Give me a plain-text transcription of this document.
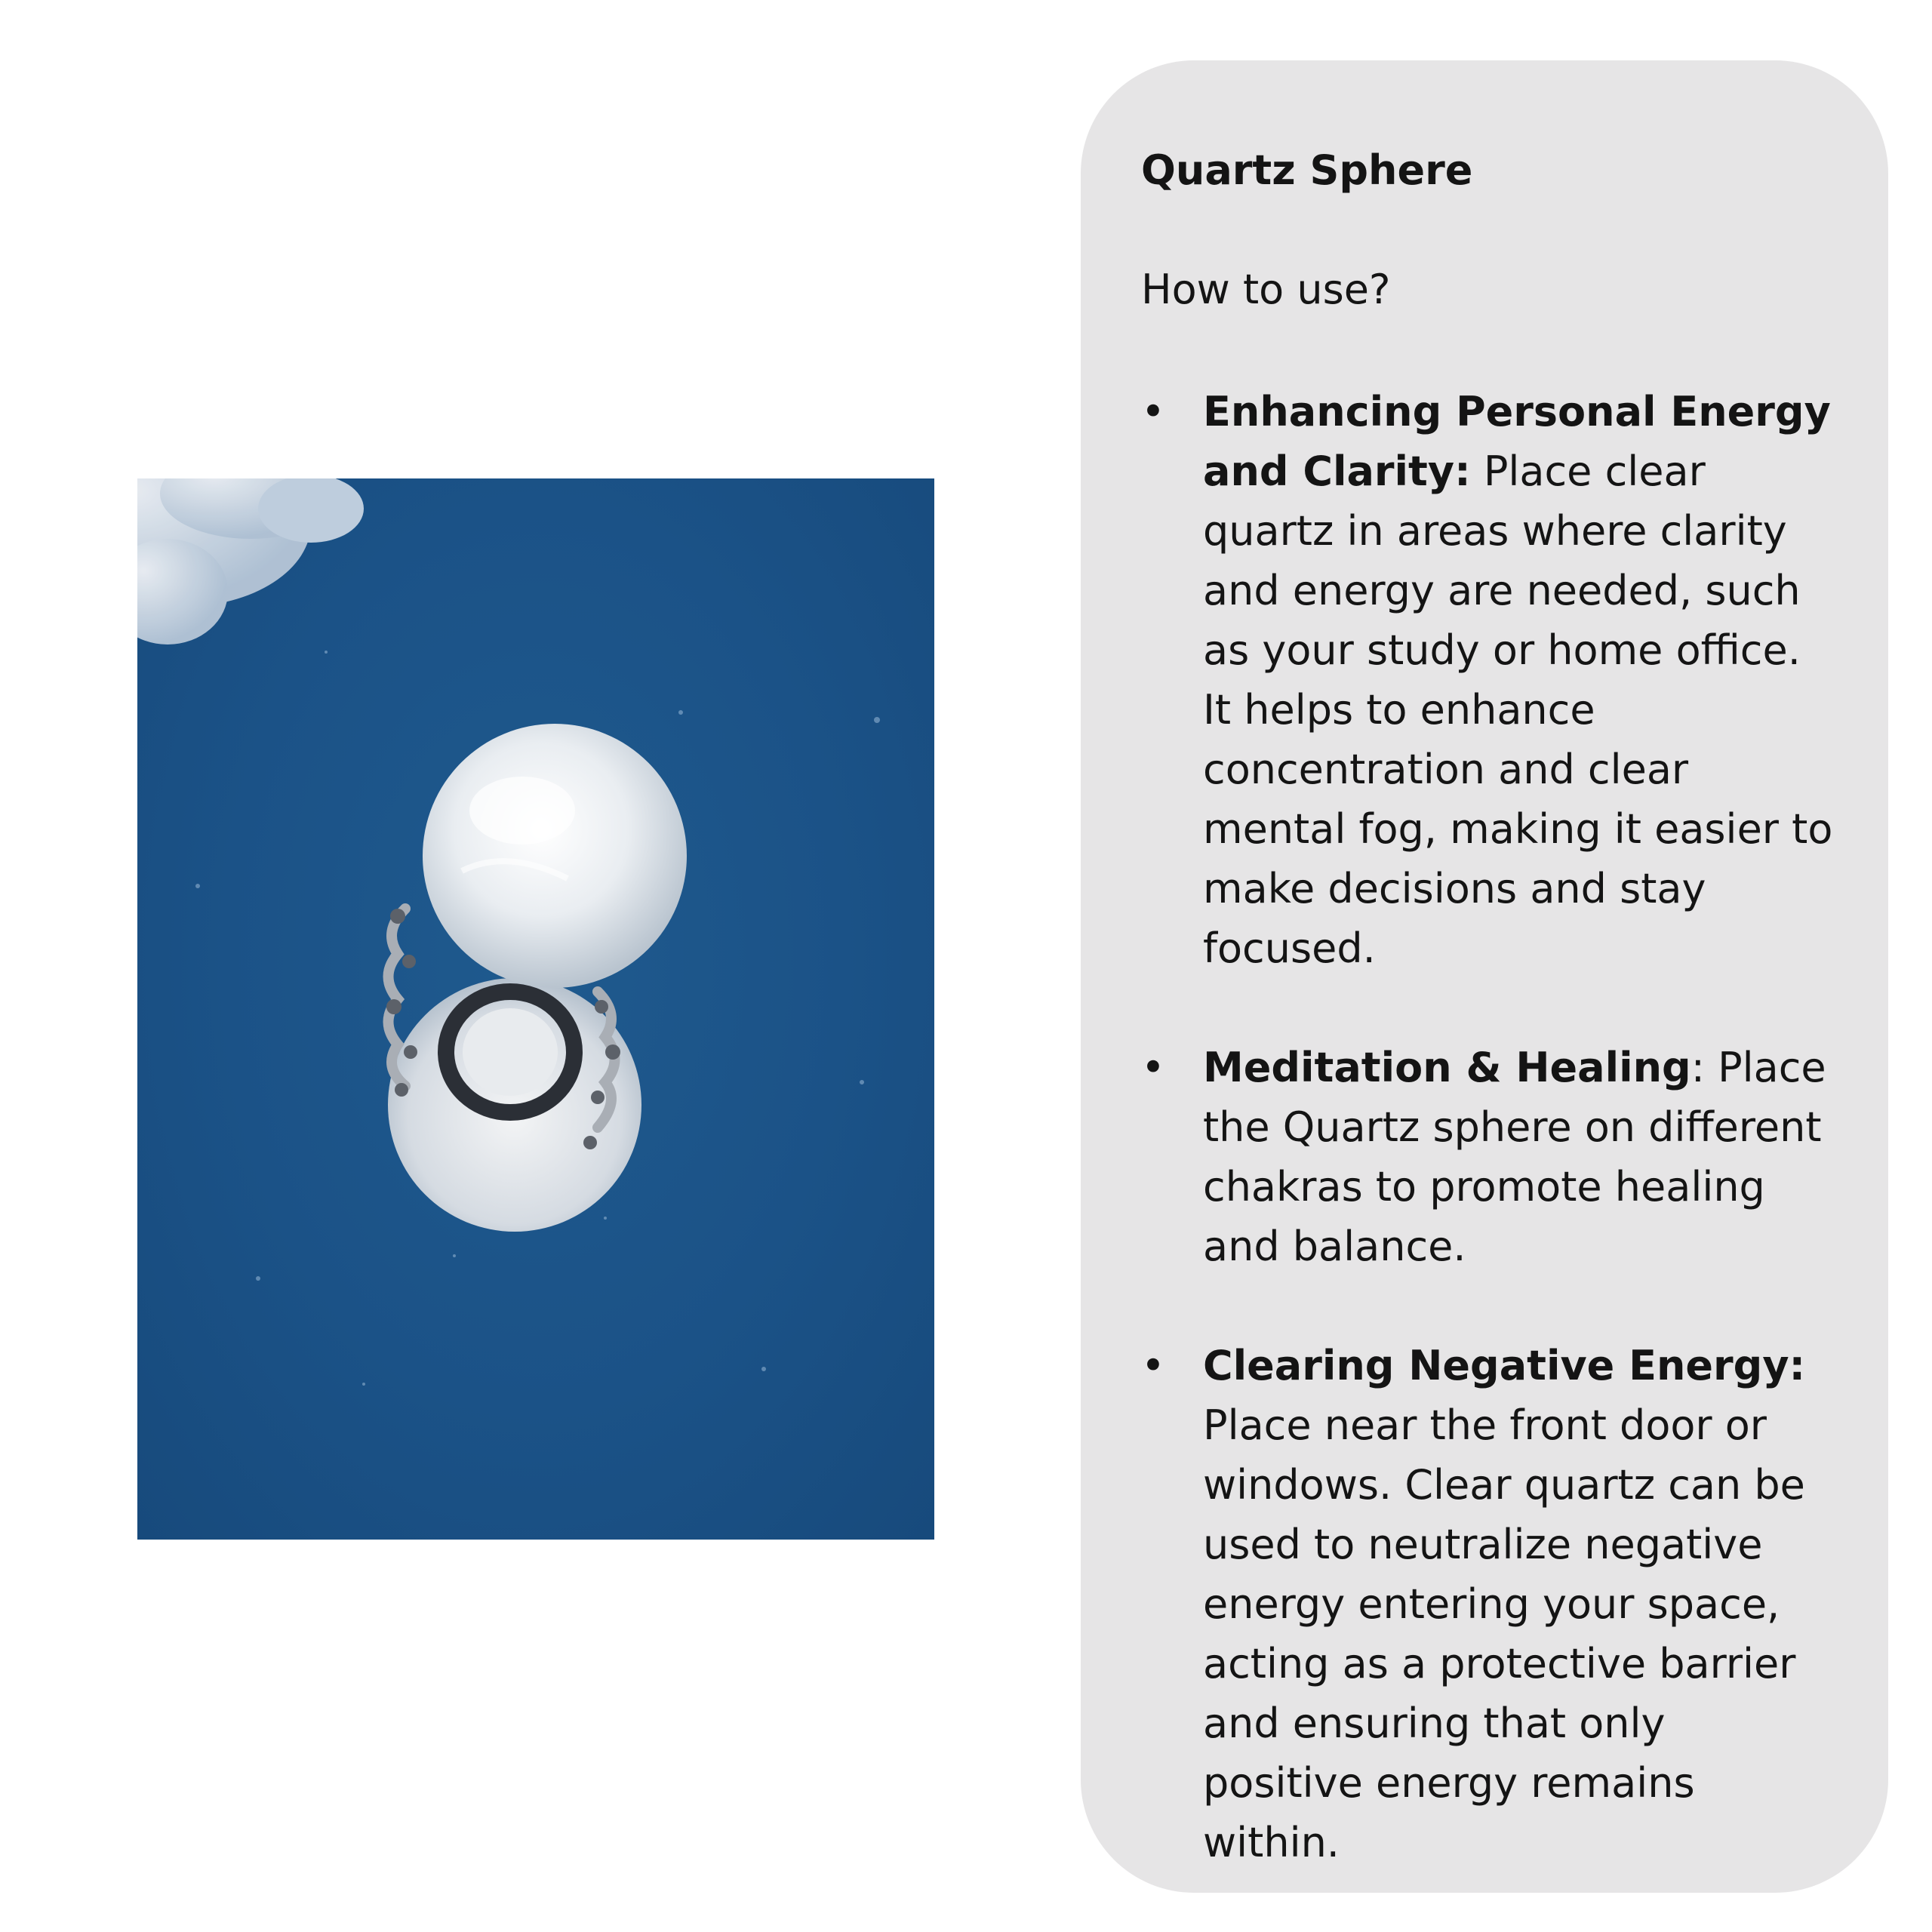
Quartz Sphere
How to use?
• Enhancing Personal Energy and Clarity: Place clear quartz in areas where clarity and energy are needed, such as your study or home office. It helps to enhance concentration and clear mental fog, making it easier to make decisions and stay focused.
• Meditation & Healing: Place the Quartz sphere on different chakras to promote healing and balance.
• Clearing Negative Energy: Place near the front door or windows. Clear quartz can be used to neutralize negative energy entering your space, acting as a protective barrier and ensuring that only positive energy remains within.
